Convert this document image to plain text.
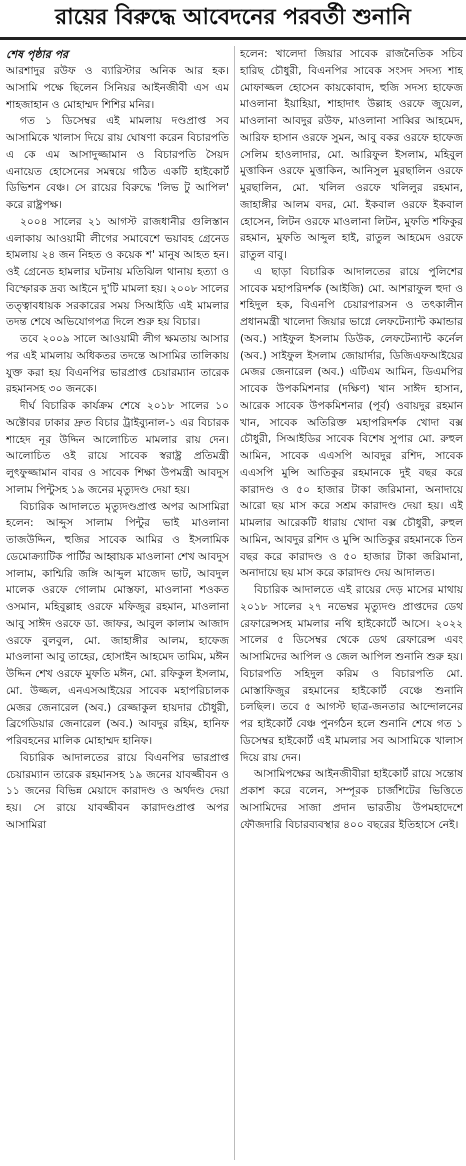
রায়ের বিরুদ্ধে আবেদনের পরবর্তী শুনানি

শেষ পৃষ্ঠার পর

আরশাদুর রউফ ও ব্যারিস্টার অনিক আর হক। আসামি পক্ষে ছিলেন সিনিয়র আইনজীবী এস এম শাহজাহান ও মোহাম্মদ শিশির মনির।

গত ১ ডিসেম্বর এই মামলায় দণ্ডপ্রাপ্ত সব আসামিকে খালাস দিয়ে রায় ঘোষণা করেন বিচারপতি এ কে এম আসাদুজ্জামান ও বিচারপতি সৈয়দ এনায়েত হোসেনের সমন্বয়ে গঠিত একটি হাইকোর্ট ডিভিশন বেঞ্চ। সে রায়ের বিরুদ্ধে 'লিভ টু আপিল' করে রাষ্ট্রপক্ষ।

২০০৪ সালের ২১ আগস্ট রাজধানীর গুলিস্তান এলাকায় আওয়ামী লীগের সমাবেশে ভয়াবহ গ্রেনেড হামলায় ২৪ জন নিহত ও কয়েক শ' মানুষ আহত হন। ওই গ্রেনেড হামলার ঘটনায় মতিঝিল থানায় হত্যা ও বিস্ফোরক দ্রব্য আইনে দু'টি মামলা হয়। ২০০৮ সালের তত্ত্বাবধায়ক সরকারের সময় সিআইডি এই মামলার তদন্ত শেষে অভিযোগপত্র দিলে শুরু হয় বিচার।

তবে ২০০৯ সালে আওয়ামী লীগ ক্ষমতায় আসার পর এই মামলায় অধিকতর তদন্তে আসামির তালিকায় যুক্ত করা হয় বিএনপির ভারপ্রাপ্ত চেয়ারম্যান তারেক রহমানসহ ৩০ জনকে।

দীর্ঘ বিচারিক কার্যক্রম শেষে ২০১৮ সালের ১০ অক্টোবর ঢাকার দ্রুত বিচার ট্রাইব্যুনাল-১ এর বিচারক শাহেদ নূর উদ্দিন আলোচিত মামলার রায় দেন। আলোচিত ওই রায়ে সাবেক স্বরাষ্ট্র প্রতিমন্ত্রী লুৎফুজ্জামান বাবর ও সাবেক শিক্ষা উপমন্ত্রী আবদুস সালাম পিন্টুসহ ১৯ জনের মৃত্যুদণ্ড দেয়া হয়।

বিচারিক আদালতে মৃত্যুদণ্ডপ্রাপ্ত অপর আসামিরা হলেন: আব্দুস সালাম পিন্টুর ভাই মাওলানা তাজউদ্দিন, হুজির সাবেক আমির ও ইসলামিক ডেমোক্র্যাটিক পার্টির আহ্বায়ক মাওলানা শেখ আবদুস সালাম, কাশ্মিরি জঙ্গি আব্দুল মাজেদ ভাট, আবদুল মালেক ওরফে গোলাম মোস্তফা, মাওলানা শওকত ওসমান, মহিবুল্লাহ ওরফে মফিজুর রহমান, মাওলানা আবু সাঈদ ওরফে ডা. জাফর, আবুল কালাম আজাদ ওরফে বুলবুল, মো. জাহাঙ্গীর আলম, হাফেজ মাওলানা আবু তাহের, হোসাইন আহমেদ তামিম, মঈন উদ্দিন শেখ ওরফে মুফতি মঈন, মো. রফিকুল ইসলাম, মো. উজ্জল, এনএসআইয়ের সাবেক মহাপরিচালক মেজর জেনারেল (অব.) রেজ্জাকুল হায়দার চৌধুরী, ব্রিগেডিয়ার জেনারেল (অব.) আবদুর রহিম, হানিফ পরিবহনের মালিক মোহাম্মদ হানিফ।

বিচারিক আদালতের রায়ে বিএনপির ভারপ্রাপ্ত চেয়ারম্যান তারেক রহমানসহ ১৯ জনের যাবজ্জীবন ও ১১ জনের বিভিন্ন মেয়াদে কারাদণ্ড ও অর্থদণ্ড দেয়া হয়। সে রায়ে যাবজ্জীবন কারাদণ্ডপ্রাপ্ত অপর আসামিরা

হলেন: খালেদা জিয়ার সাবেক রাজনৈতিক সচিব হারিছ চৌধুরী, বিএনপির সাবেক সংসদ সদস্য শাহ মোফাজ্জল হোসেন কায়কোবাদ, হুজি সদস্য হাফেজ মাওলানা ইয়াহিয়া, শাহাদাৎ উল্লাহ ওরফে জুয়েল, মাওলানা আবদুর রউফ, মাওলানা সাব্বির আহমেদ, আরিফ হাসান ওরফে সুমন, আবু বকর ওরফে হাফেজ সেলিম হাওলাদার, মো. আরিফুল ইসলাম, মহিবুল মুত্তাকিন ওরফে মুত্তাকিন, আনিসুল মুরছালিন ওরফে মুরছালিন, মো. খলিল ওরফে খলিলুর রহমান, জাহাঙ্গীর আলম বদর, মো. ইকবাল ওরফে ইকবাল হোসেন, লিটন ওরফে মাওলানা লিটন, মুফতি শফিকুর রহমান, মুফতি আব্দুল হাই, রাতুল আহমেদ ওরফে রাতুল বাবু।

এ ছাড়া বিচারিক আদালতের রায়ে পুলিশের সাবেক মহাপরিদর্শক (আইজি) মো. আশরাফুল হুদা ও শহিদুল হক, বিএনপি চেয়ারপারসন ও তৎকালীন প্রধানমন্ত্রী খালেদা জিয়ার ভাগ্নে লেফটেন্যান্ট কমান্ডার (অব.) সাইফুল ইসলাম ডিউক, লেফটেন্যান্ট কর্নেল (অব.) সাইফুল ইসলাম জোয়ার্দার, ডিজিএফআইয়ের মেজর জেনারেল (অব.) এটিএম আমিন, ডিএমপির সাবেক উপকমিশনার (দক্ষিণ) খান সাঈদ হাসান, আরেক সাবেক উপকমিশনার (পূর্ব) ওবায়দুর রহমান খান, সাবেক অতিরিক্ত মহাপরিদর্শক খোদা বক্স চৌধুরী, সিআইডির সাবেক বিশেষ সুপার মো. রুহুল আমিন, সাবেক এএসপি আবদুর রশিদ, সাবেক এএসপি মুন্সি আতিকুর রহমানকে দুই বছর করে কারাদণ্ড ও ৫০ হাজার টাকা জরিমানা, অনাদায়ে আরো ছয় মাস করে সশ্রম কারাদণ্ড দেয়া হয়। এই মামলার আরেকটি ধারায় খোদা বক্স চৌধুরী, রুহুল আমিন, আবদুর রশিদ ও মুন্সি আতিকুর রহমানকে তিন বছর করে কারাদণ্ড ও ৫০ হাজার টাকা জরিমানা, অনাদায়ে ছয় মাস করে কারাদণ্ড দেয় আদালত।

বিচারিক আদালতে এই রায়ের দেড় মাসের মাথায় ২০১৮ সালের ২৭ নভেম্বর মৃত্যুদণ্ড প্রাপ্তদের ডেথ রেফারেন্সসহ মামলার নথি হাইকোর্টে আসে। ২০২২ সালের ৫ ডিসেম্বর থেকে ডেথ রেফারেন্স এবং আসামিদের আপিল ও জেল আপিল শুনানি শুরু হয়। বিচারপতি সহিদুল করিম ও বিচারপতি মো. মোস্তাফিজুর রহমানের হাইকোর্ট বেঞ্চে শুনানি চলছিল। তবে ৫ আগস্ট ছাত্র-জনতার আন্দোলনের পর হাইকোর্ট বেঞ্চ পুনর্গঠন হলে শুনানি শেষে গত ১ ডিসেম্বর হাইকোর্ট এই মামলার সব আসামিকে খালাস দিয়ে রায় দেন।

আসামিপক্ষের আইনজীবীরা হাইকোর্ট রায়ে সন্তোষ প্রকাশ করে বলেন, সম্পূরক চার্জশিটের ভিত্তিতে আসামিদের সাজা প্রদান ভারতীয় উপমহাদেশে ফৌজদারি বিচারব্যবস্থার ৪০০ বছরের ইতিহাসে নেই।
